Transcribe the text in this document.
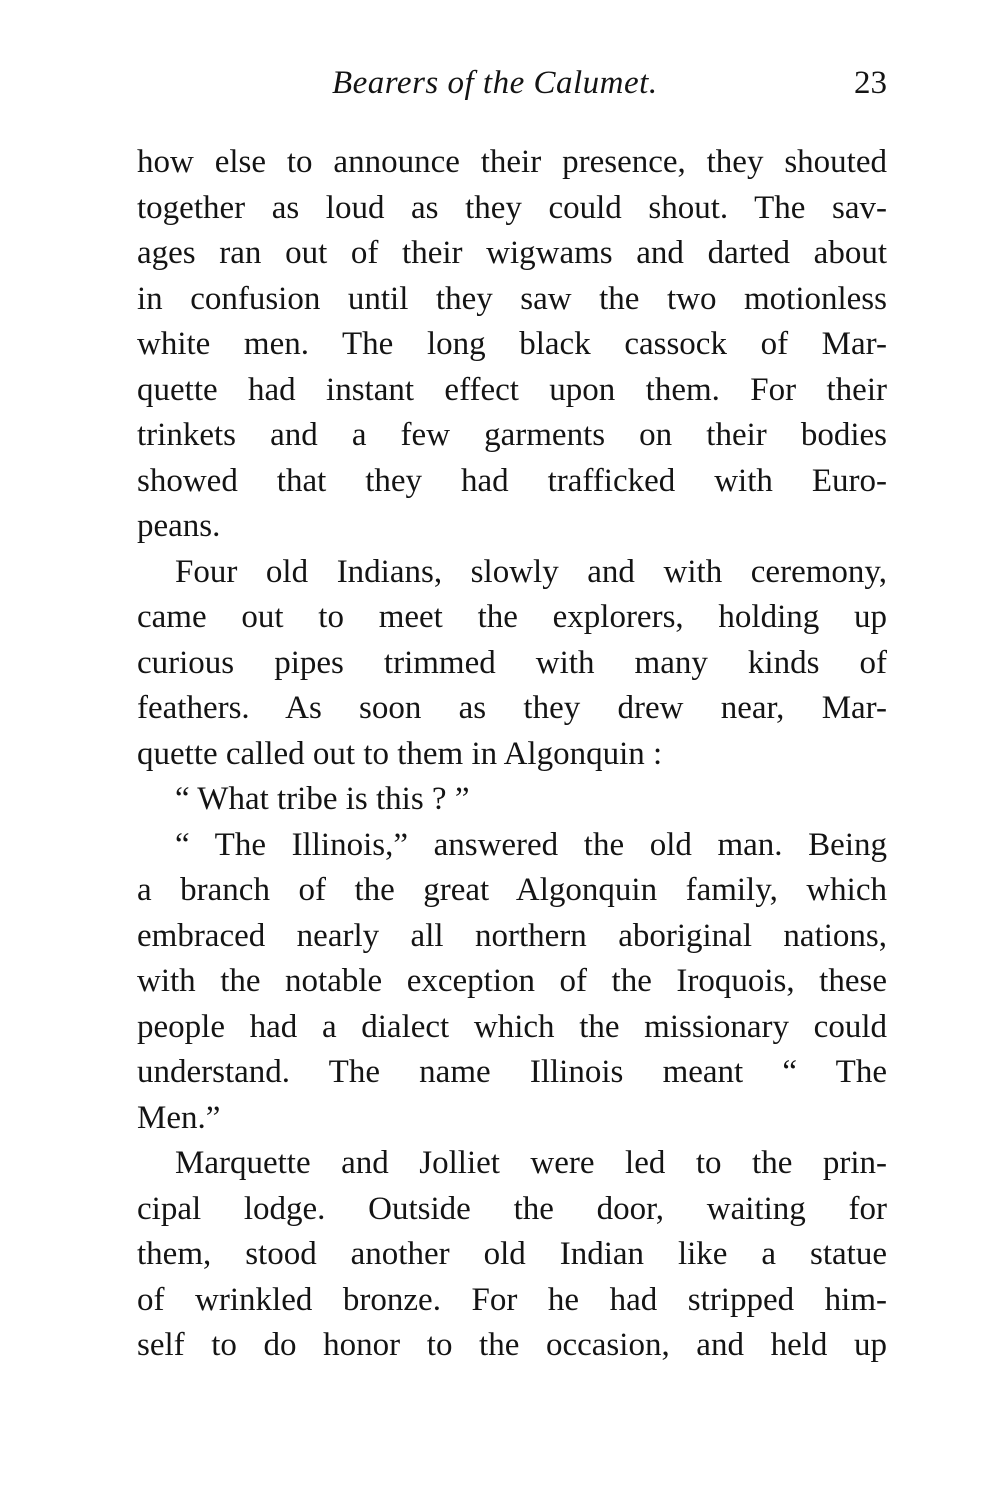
Bearers of the Calumet.	23
how else to announce their presence, they shouted
together as loud as they could shout. The sav-
ages ran out of their wigwams and darted about
in confusion until they saw the two motionless
white men. The long black cassock of Mar-
quette had instant effect upon them. For their
trinkets and a few garments on their bodies
showed that they had trafficked with Euro-
peans.
Four old Indians, slowly and with ceremony,
came out to meet the explorers, holding up
curious pipes trimmed with many kinds of
feathers. As soon as they drew near, Mar-
quette called out to them in Algonquin :
“ What tribe is this ? ”
“ The Illinois,” answered the old man. Being
a branch of the great Algonquin family, which
embraced nearly all northern aboriginal nations,
with the notable exception of the Iroquois, these
people had a dialect which the missionary could
understand. The name Illinois meant “ The
Men.”
Marquette and Jolliet were led to the prin-
cipal lodge. Outside the door, waiting for
them, stood another old Indian like a statue
of wrinkled bronze. For he had stripped him-
self to do honor to the occasion, and held up
